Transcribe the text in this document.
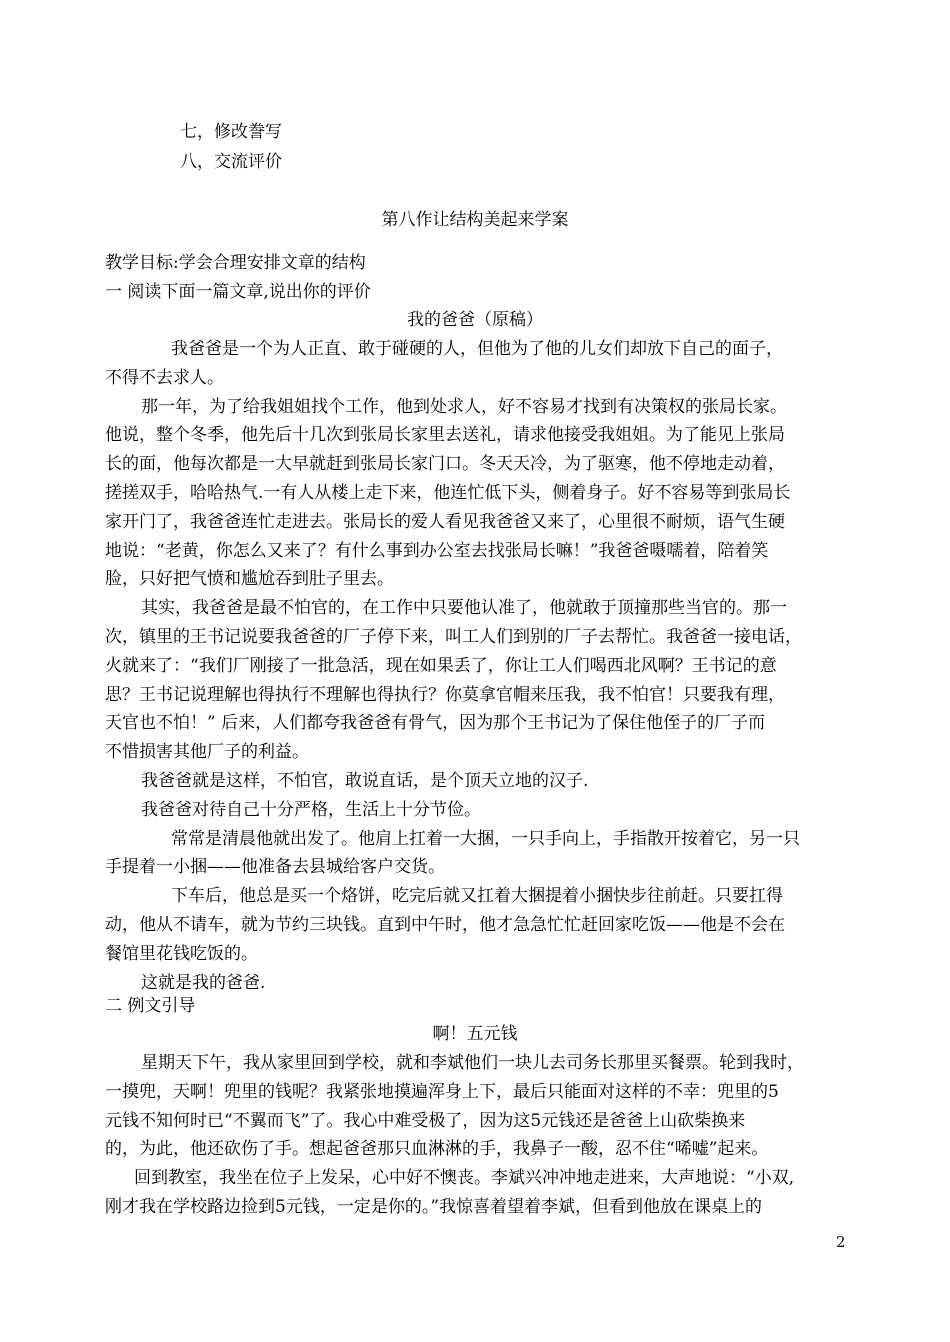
七，修改誊写

八，交流评价

第八作让结构美起来学案

教学目标:学会合理安排文章的结构

一 阅读下面一篇文章,说出你的评价

我的爸爸（原稿）

我爸爸是一个为人正直、敢于碰硬的人，但他为了他的儿女们却放下自己的面子，

不得不去求人。

那一年，为了给我姐姐找个工作，他到处求人，好不容易才找到有决策权的张局长家。

他说，整个冬季，他先后十几次到张局长家里去送礼，请求他接受我姐姐。为了能见上张局

长的面，他每次都是一大早就赶到张局长家门口。冬天天冷，为了驱寒，他不停地走动着，

搓搓双手，哈哈热气.一有人从楼上走下来，他连忙低下头，侧着身子。好不容易等到张局长

家开门了，我爸爸连忙走进去。张局长的爱人看见我爸爸又来了，心里很不耐烦，语气生硬

地说：“老黄，你怎么又来了？有什么事到办公室去找张局长嘛！”我爸爸嗫嚅着，陪着笑

脸，只好把气愤和尴尬吞到肚子里去。

其实，我爸爸是最不怕官的，在工作中只要他认准了，他就敢于顶撞那些当官的。那一

次，镇里的王书记说要我爸爸的厂子停下来，叫工人们到别的厂子去帮忙。我爸爸一接电话，

火就来了：“我们厂刚接了一批急活，现在如果丢了，你让工人们喝西北风啊？王书记的意

思？王书记说理解也得执行不理解也得执行？你莫拿官帽来压我，我不怕官！只要我有理，

天官也不怕！” 后来，人们都夸我爸爸有骨气，因为那个王书记为了保住他侄子的厂子而

不惜损害其他厂子的利益。

我爸爸就是这样，不怕官，敢说直话，是个顶天立地的汉子.

我爸爸对待自己十分严格，生活上十分节俭。

常常是清晨他就出发了。他肩上扛着一大捆，一只手向上，手指散开按着它，另一只

手提着一小捆——他准备去县城给客户交货。

下车后，他总是买一个烙饼，吃完后就又扛着大捆提着小捆快步往前赶。只要扛得

动，他从不请车，就为节约三块钱。直到中午时，他才急急忙忙赶回家吃饭——他是不会在

餐馆里花钱吃饭的。

这就是我的爸爸.

二 例文引导

啊！五元钱

星期天下午，我从家里回到学校，就和李斌他们一块儿去司务长那里买餐票。轮到我时，

一摸兜，天啊！兜里的钱呢？我紧张地摸遍浑身上下，最后只能面对这样的不幸：兜里的5

元钱不知何时已“不翼而飞”了。我心中难受极了，因为这5元钱还是爸爸上山砍柴换来

的，为此，他还砍伤了手。想起爸爸那只血淋淋的手，我鼻子一酸，忍不住“唏嘘”起来。

回到教室，我坐在位子上发呆，心中好不懊丧。李斌兴冲冲地走进来，大声地说：“小双,

刚才我在学校路边捡到5元钱，一定是你的。”我惊喜着望着李斌，但看到他放在课桌上的

2
